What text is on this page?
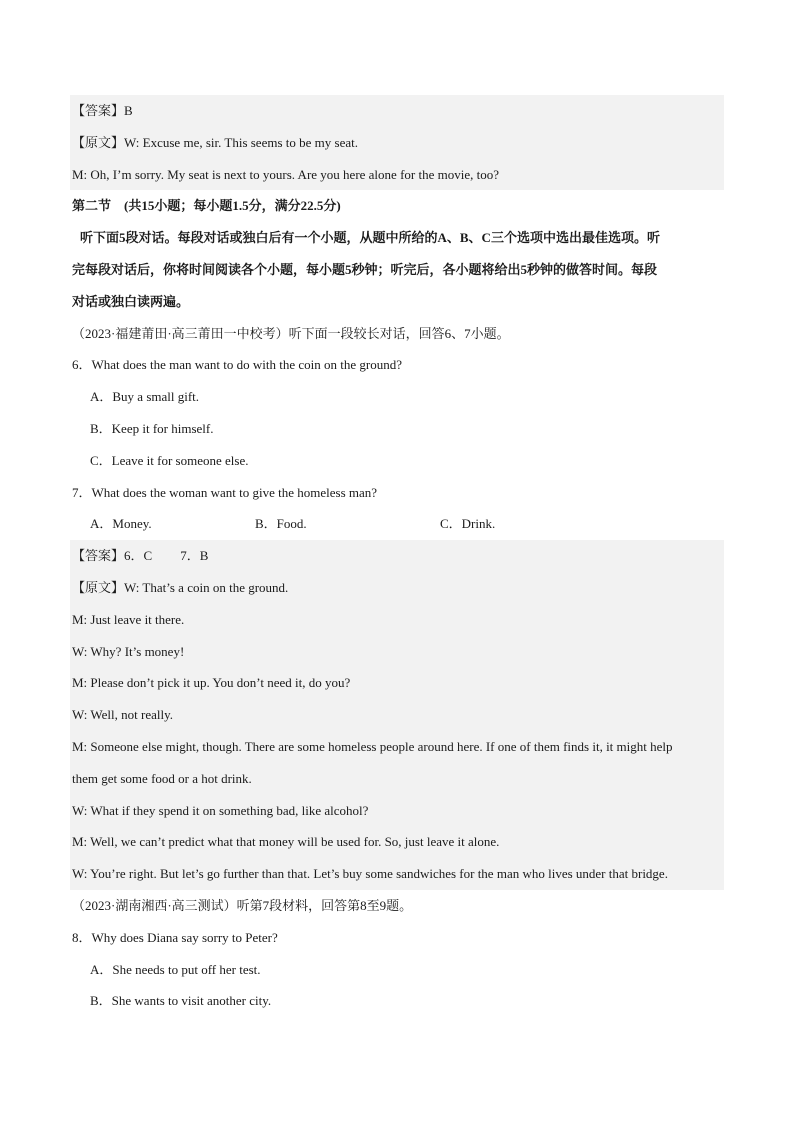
【答案】B
【原文】W: Excuse me, sir. This seems to be my seat.
M: Oh, I’m sorry. My seat is next to yours. Are you here alone for the movie, too?
第二节　(共15小题；每小题1.5分，满分22.5分)
听下面5段对话。每段对话或独白后有一个小题，从题中所给的A、B、C三个选项中选出最佳选项。听
完每段对话后，你将时间阅读各个小题，每小题5秒钟；听完后，各小题将给出5秒钟的做答时间。每段
对话或独白读两遍。
（2023·福建莆田·高三莆田一中校考）听下面一段较长对话，回答6、7小题。
6．What does the man want to do with the coin on the ground?
A．Buy a small gift.
B．Keep it for himself.
C．Leave it for someone else.
7．What does the woman want to give the homeless man?
A．Money.	B．Food.	C．Drink.
【答案】6．C 7．B
【原文】W: That’s a coin on the ground.
M: Just leave it there.
W: Why? It’s money!
M: Please don’t pick it up. You don’t need it, do you?
W: Well, not really.
M: Someone else might, though. There are some homeless people around here. If one of them finds it, it might help
them get some food or a hot drink.
W: What if they spend it on something bad, like alcohol?
M: Well, we can’t predict what that money will be used for. So, just leave it alone.
W: You’re right. But let’s go further than that. Let’s buy some sandwiches for the man who lives under that bridge.
（2023·湖南湘西·高三测试）听第7段材料，回答第8至9题。
8．Why does Diana say sorry to Peter?
A．She needs to put off her test.
B．She wants to visit another city.
